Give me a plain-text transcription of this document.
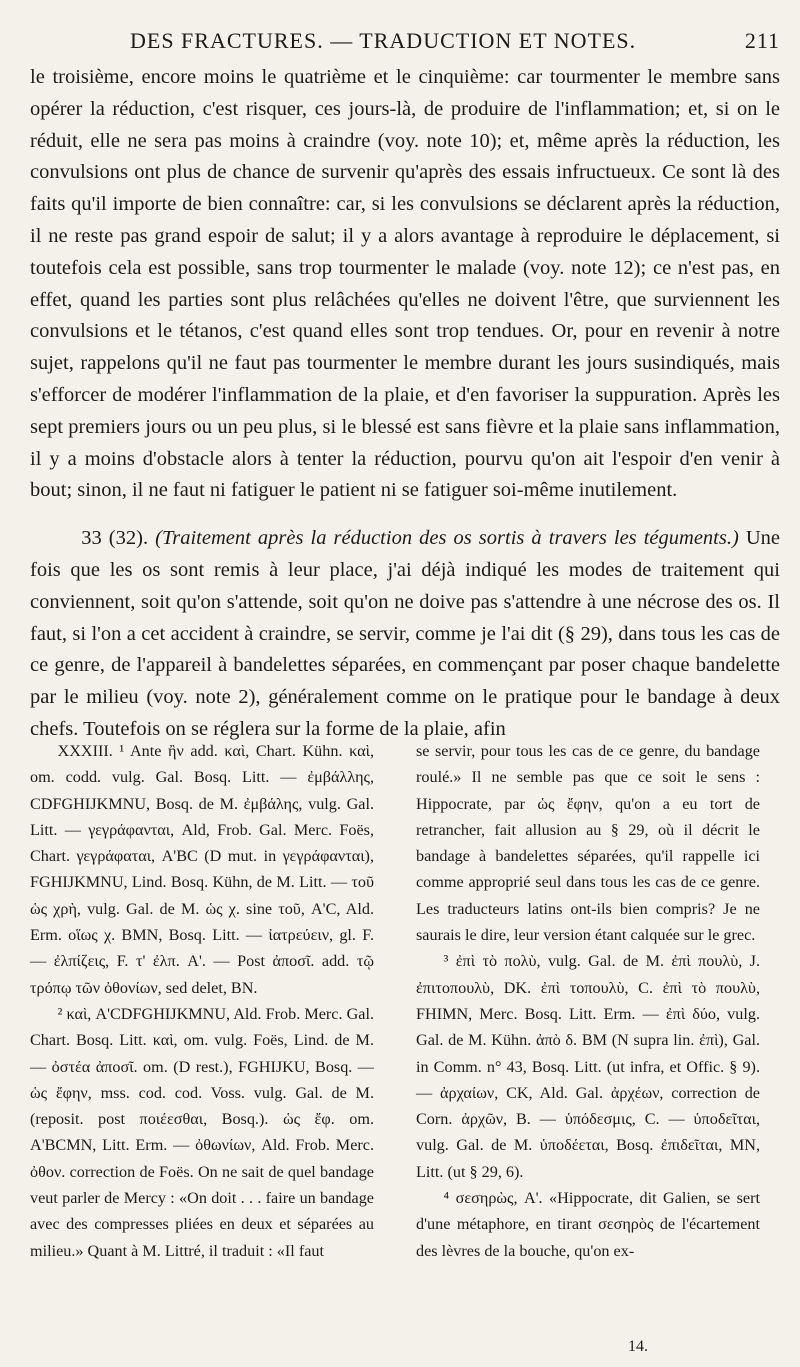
DES FRACTURES. — TRADUCTION ET NOTES.	211

le troisième, encore moins le quatrième et le cinquième: car tourmenter le membre sans opérer la réduction, c'est risquer, ces jours-là, de produire de l'inflammation; et, si on le réduit, elle ne sera pas moins à craindre (voy. note 10); et, même après la réduction, les convulsions ont plus de chance de survenir qu'après des essais infructueux. Ce sont là des faits qu'il importe de bien connaître: car, si les convulsions se déclarent après la réduction, il ne reste pas grand espoir de salut; il y a alors avantage à reproduire le déplacement, si toutefois cela est possible, sans trop tourmenter le malade (voy. note 12); ce n'est pas, en effet, quand les parties sont plus relâchées qu'elles ne doivent l'être, que surviennent les convulsions et le tétanos, c'est quand elles sont trop tendues. Or, pour en revenir à notre sujet, rappelons qu'il ne faut pas tourmenter le membre durant les jours susindiqués, mais s'efforcer de modérer l'inflammation de la plaie, et d'en favoriser la suppuration. Après les sept premiers jours ou un peu plus, si le blessé est sans fièvre et la plaie sans inflammation, il y a moins d'obstacle alors à tenter la réduction, pourvu qu'on ait l'espoir d'en venir à bout; sinon, il ne faut ni fatiguer le patient ni se fatiguer soi-même inutilement.

33 (32). (Traitement après la réduction des os sortis à travers les téguments.) Une fois que les os sont remis à leur place, j'ai déjà indiqué les modes de traitement qui conviennent, soit qu'on s'attende, soit qu'on ne doive pas s'attendre à une nécrose des os. Il faut, si l'on a cet accident à craindre, se servir, comme je l'ai dit (§ 29), dans tous les cas de ce genre, de l'appareil à bandelettes séparées, en commençant par poser chaque bandelette par le milieu (voy. note 2), généralement comme on le pratique pour le bandage à deux chefs. Toutefois on se réglera sur la forme de la plaie, afin

XXXIII. ¹ Ante ἢν add. καὶ, Chart. Kühn. καὶ, om. codd. vulg. Gal. Bosq. Litt. — ἐμβάλλης, CDFGHIJKMNU, Bosq. de M. ἐμβάλης, vulg. Gal. Litt. — γεγράφανται, Ald, Frob. Gal. Merc. Foës, Chart. γεγράφαται, A'BC (D mut. in γεγράφανται), FGHIJKMNU, Lind. Bosq. Kühn, de M. Litt. — τοῦ ὡς χρὴ, vulg. Gal. de M. ὡς χ. sine τοῦ, A'C, Ald. Erm. οἵως χ. BMN, Bosq. Litt. — ἰατρεύειν, gl. F. — ἐλπίζεις, F. τ' ἐλπ. A'. — Post ἀποσῖ. add. τῷ τρόπῳ τῶν ὀθονίων, sed delet, BN.

² καὶ, A'CDFGHIJKMNU, Ald. Frob. Merc. Gal. Chart. Bosq. Litt. καὶ, om. vulg. Foës, Lind. de M. — ὀστέα ἀποσῖ. om. (D rest.), FGHIJKU, Bosq. — ὡς ἔφην, mss. cod. cod. Voss. vulg. Gal. de M. (reposit. post ποιέεσθαι, Bosq.). ὡς ἔφ. om. A'BCMN, Litt. Erm. — ὀθωνίων, Ald. Frob. Merc. ὀθον. correction de Foës. On ne sait de quel bandage veut parler de Mercy : «On doit . . . faire un bandage avec des compresses pliées en deux et séparées au milieu.» Quant à M. Littré, il traduit : «Il faut

se servir, pour tous les cas de ce genre, du bandage roulé.» Il ne semble pas que ce soit le sens : Hippocrate, par ὡς ἔφην, qu'on a eu tort de retrancher, fait allusion au § 29, où il décrit le bandage à bandelettes séparées, qu'il rappelle ici comme approprié seul dans tous les cas de ce genre. Les traducteurs latins ont-ils bien compris? Je ne saurais le dire, leur version étant calquée sur le grec.

³ ἐπὶ τὸ πολὺ, vulg. Gal. de M. ἐπὶ πουλὺ, J. ἐπιτοπουλὺ, DK. ἐπὶ τοπουλὺ, C. ἐπὶ τὸ πουλὺ, FHIMN, Merc. Bosq. Litt. Erm. — ἐπὶ δύο, vulg. Gal. de M. Kühn. ἀπὸ δ. BM (N supra lin. ἐπὶ), Gal. in Comm. n° 43, Bosq. Litt. (ut infra, et Offic. § 9). — ἀρχαίων, CK, Ald. Gal. ἀρχέων, correction de Corn. ἀρχῶν, B. — ὑπόδεσμις, C. — ὑποδεῖται, vulg. Gal. de M. ὑποδέεται, Bosq. ἐπιδεῖται, MN, Litt. (ut § 29, 6).

⁴ σεσηρὼς, A'. «Hippocrate, dit Galien, se sert d'une métaphore, en tirant σεσηρὸς de l'écartement des lèvres de la bouche, qu'on ex-

14.
